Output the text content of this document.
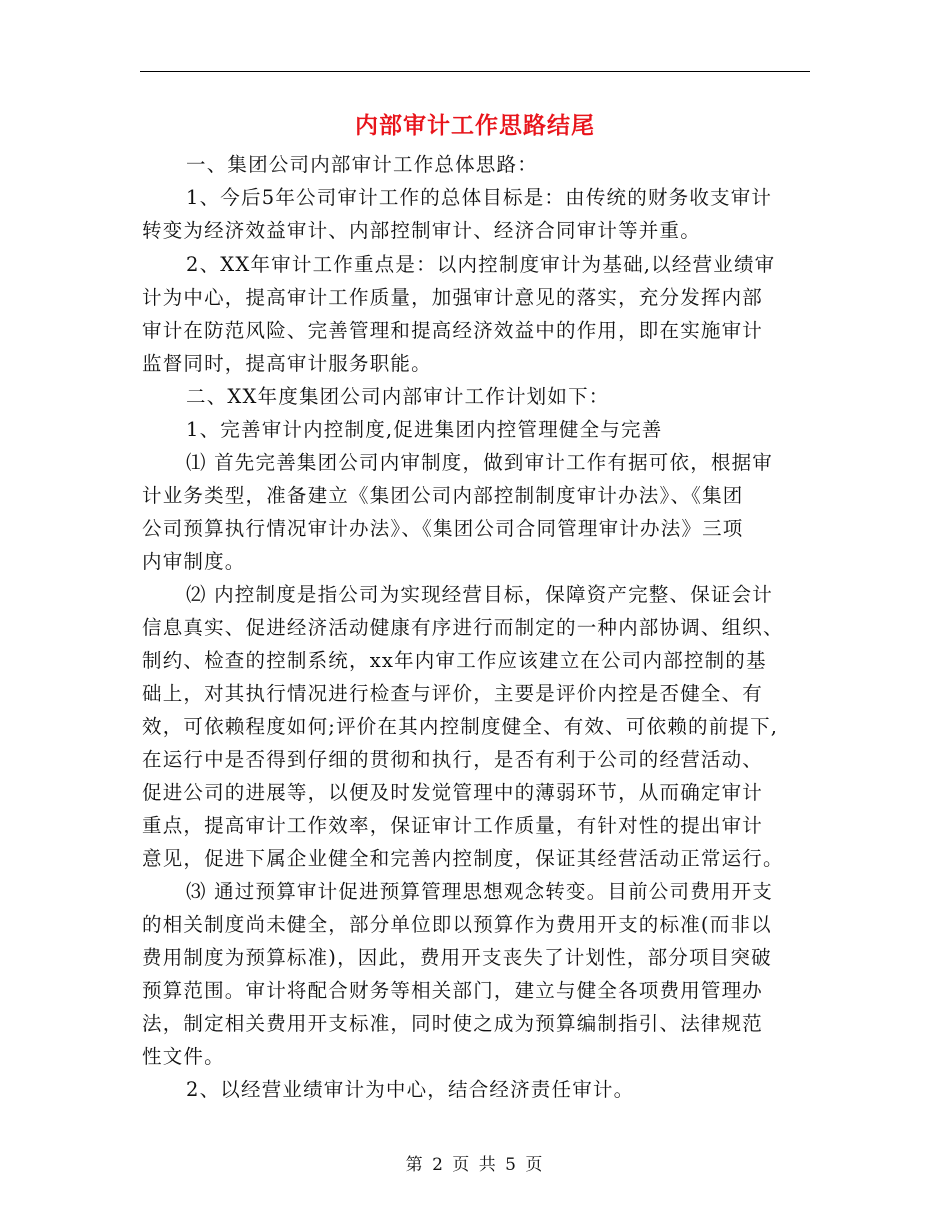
内部审计工作思路结尾
一、集团公司内部审计工作总体思路：
1、今后5年公司审计工作的总体目标是：由传统的财务收支审计
转变为经济效益审计、内部控制审计、经济合同审计等并重。
2、XX年审计工作重点是：以内控制度审计为基础,以经营业绩审
计为中心，提高审计工作质量，加强审计意见的落实，充分发挥内部
审计在防范风险、完善管理和提高经济效益中的作用，即在实施审计
监督同时，提高审计服务职能。
二、XX年度集团公司内部审计工作计划如下：
1、完善审计内控制度,促进集团内控管理健全与完善
⑴ 首先完善集团公司内审制度，做到审计工作有据可依，根据审
计业务类型，准备建立《集团公司内部控制制度审计办法》、《集团
公司预算执行情况审计办法》、《集团公司合同管理审计办法》三项
内审制度。
⑵ 内控制度是指公司为实现经营目标，保障资产完整、保证会计
信息真实、促进经济活动健康有序进行而制定的一种内部协调、组织、
制约、检查的控制系统，xx年内审工作应该建立在公司内部控制的基
础上，对其执行情况进行检查与评价，主要是评价内控是否健全、有
效，可依赖程度如何;评价在其内控制度健全、有效、可依赖的前提下,
在运行中是否得到仔细的贯彻和执行，是否有利于公司的经营活动、
促进公司的进展等，以便及时发觉管理中的薄弱环节，从而确定审计
重点，提高审计工作效率，保证审计工作质量，有针对性的提出审计
意见，促进下属企业健全和完善内控制度，保证其经营活动正常运行。
⑶ 通过预算审计促进预算管理思想观念转变。目前公司费用开支
的相关制度尚未健全，部分单位即以预算作为费用开支的标准(而非以
费用制度为预算标准)，因此，费用开支丧失了计划性，部分项目突破
预算范围。审计将配合财务等相关部门，建立与健全各项费用管理办
法，制定相关费用开支标准，同时使之成为预算编制指引、法律规范
性文件。
2、以经营业绩审计为中心，结合经济责任审计。
第 2 页 共 5 页
